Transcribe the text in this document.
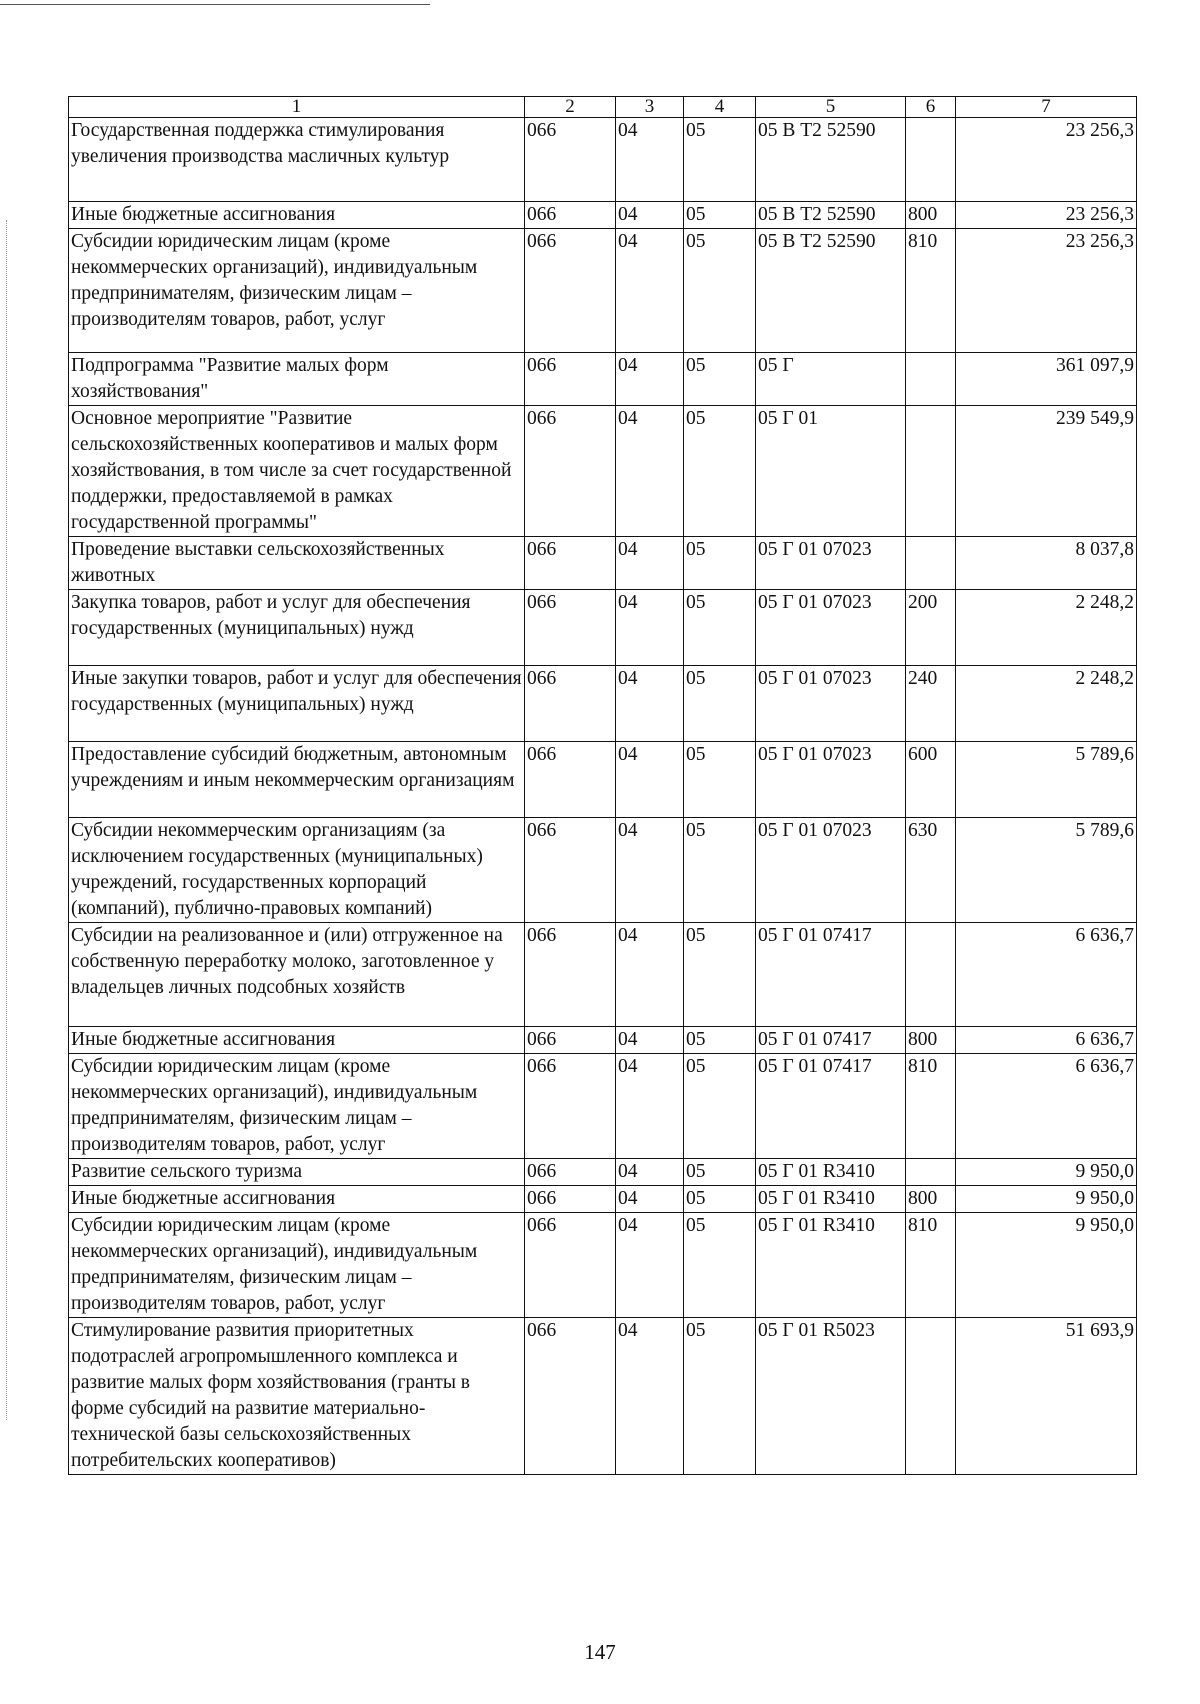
1	2	3	4	5	6	7
Государственная поддержка стимулирования увеличения производства масличных культур	066	04	05	05 В Т2 52590		23 256,3
Иные бюджетные ассигнования	066	04	05	05 В Т2 52590	800	23 256,3
Субсидии юридическим лицам (кроме некоммерческих организаций), индивидуальным предпринимателям, физическим лицам – производителям товаров, работ, услуг	066	04	05	05 В Т2 52590	810	23 256,3
Подпрограмма "Развитие малых форм хозяйствования"	066	04	05	05 Г		361 097,9
Основное мероприятие "Развитие сельскохозяйственных кооперативов и малых форм хозяйствования, в том числе за счет государственной поддержки, предоставляемой в рамках государственной программы"	066	04	05	05 Г 01		239 549,9
Проведение выставки сельскохозяйственных животных	066	04	05	05 Г 01 07023		8 037,8
Закупка товаров, работ и услуг для обеспечения государственных (муниципальных) нужд	066	04	05	05 Г 01 07023	200	2 248,2
Иные закупки товаров, работ и услуг для обеспечения государственных (муниципальных) нужд	066	04	05	05 Г 01 07023	240	2 248,2
Предоставление субсидий бюджетным, автономным учреждениям и иным некоммерческим организациям	066	04	05	05 Г 01 07023	600	5 789,6
Субсидии некоммерческим организациям (за исключением государственных (муниципальных) учреждений, государственных корпораций (компаний), публично-правовых компаний)	066	04	05	05 Г 01 07023	630	5 789,6
Субсидии на реализованное и (или) отгруженное на собственную переработку молоко, заготовленное у владельцев личных подсобных хозяйств	066	04	05	05 Г 01 07417		6 636,7
Иные бюджетные ассигнования	066	04	05	05 Г 01 07417	800	6 636,7
Субсидии юридическим лицам (кроме некоммерческих организаций), индивидуальным предпринимателям, физическим лицам – производителям товаров, работ, услуг	066	04	05	05 Г 01 07417	810	6 636,7
Развитие сельского туризма	066	04	05	05 Г 01 R3410		9 950,0
Иные бюджетные ассигнования	066	04	05	05 Г 01 R3410	800	9 950,0
Субсидии юридическим лицам (кроме некоммерческих организаций), индивидуальным предпринимателям, физическим лицам – производителям товаров, работ, услуг	066	04	05	05 Г 01 R3410	810	9 950,0
Стимулирование развития приоритетных подотраслей агропромышленного комплекса и развитие малых форм хозяйствования (гранты в форме субсидий на развитие материально-технической базы сельскохозяйственных потребительских кооперативов)	066	04	05	05 Г 01 R5023		51 693,9
147
